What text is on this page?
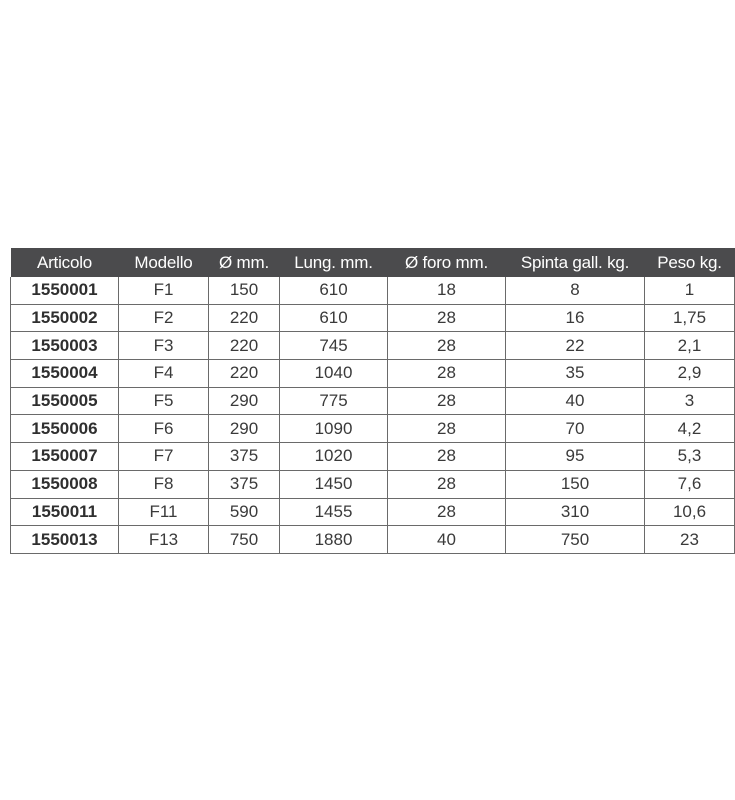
Articolo	Modello	Ø mm.	Lung. mm.	Ø foro mm.	Spinta gall. kg.	Peso kg.
1550001	F1	150	610	18	8	1
1550002	F2	220	610	28	16	1,75
1550003	F3	220	745	28	22	2,1
1550004	F4	220	1040	28	35	2,9
1550005	F5	290	775	28	40	3
1550006	F6	290	1090	28	70	4,2
1550007	F7	375	1020	28	95	5,3
1550008	F8	375	1450	28	150	7,6
1550011	F11	590	1455	28	310	10,6
1550013	F13	750	1880	40	750	23
